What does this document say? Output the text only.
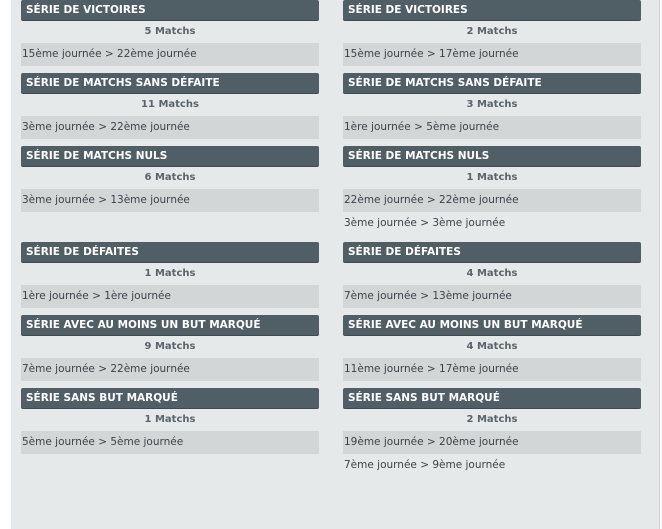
SÉRIE DE VICTOIRES
5 Matchs
15ème journée > 22ème journée
SÉRIE DE MATCHS SANS DÉFAITE
11 Matchs
3ème journée > 22ème journée
SÉRIE DE MATCHS NULS
6 Matchs
3ème journée > 13ème journée
SÉRIE DE DÉFAITES
1 Matchs
1ère journée > 1ère journée
SÉRIE AVEC AU MOINS UN BUT MARQUÉ
9 Matchs
7ème journée > 22ème journée
SÉRIE SANS BUT MARQUÉ
1 Matchs
5ème journée > 5ème journée
SÉRIE DE VICTOIRES
2 Matchs
15ème journée > 17ème journée
SÉRIE DE MATCHS SANS DÉFAITE
3 Matchs
1ère journée > 5ème journée
SÉRIE DE MATCHS NULS
1 Matchs
22ème journée > 22ème journée
3ème journée > 3ème journée
SÉRIE DE DÉFAITES
4 Matchs
7ème journée > 13ème journée
SÉRIE AVEC AU MOINS UN BUT MARQUÉ
4 Matchs
11ème journée > 17ème journée
SÉRIE SANS BUT MARQUÉ
2 Matchs
19ème journée > 20ème journée
7ème journée > 9ème journée
